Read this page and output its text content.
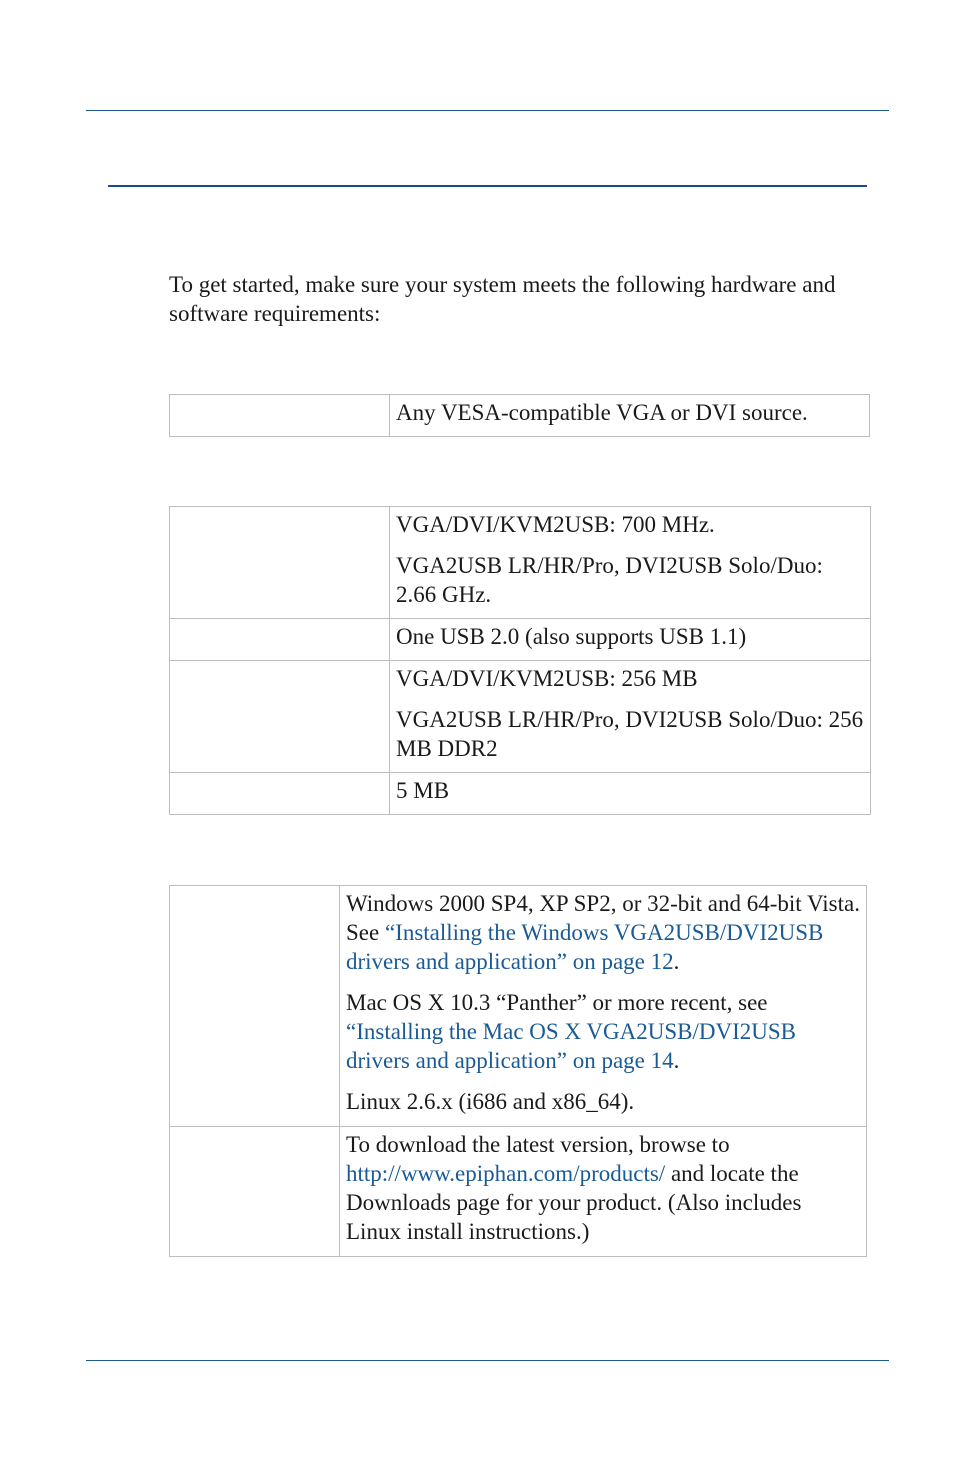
To get started, make sure your system meets the following hardware and software requirements:

	Any VESA-compatible VGA or DVI source.

	VGA/DVI/KVM2USB: 700 MHz.

VGA2USB LR/HR/Pro, DVI2USB Solo/Duo: 2.66 GHz.

	One USB 2.0 (also supports USB 1.1)

	VGA/DVI/KVM2USB: 256 MB

VGA2USB LR/HR/Pro, DVI2USB Solo/Duo: 256 MB DDR2

	5 MB

	Windows 2000 SP4, XP SP2, or 32-bit and 64-bit Vista. See “Installing the Windows VGA2USB/DVI2USB drivers and application” on page 12.

Mac OS X 10.3 “Panther” or more recent, see “Installing the Mac OS X VGA2USB/DVI2USB drivers and application” on page 14.

Linux 2.6.x (i686 and x86_64).

	To download the latest version, browse to http://www.epiphan.com/products/ and locate the Downloads page for your product. (Also includes Linux install instructions.)
